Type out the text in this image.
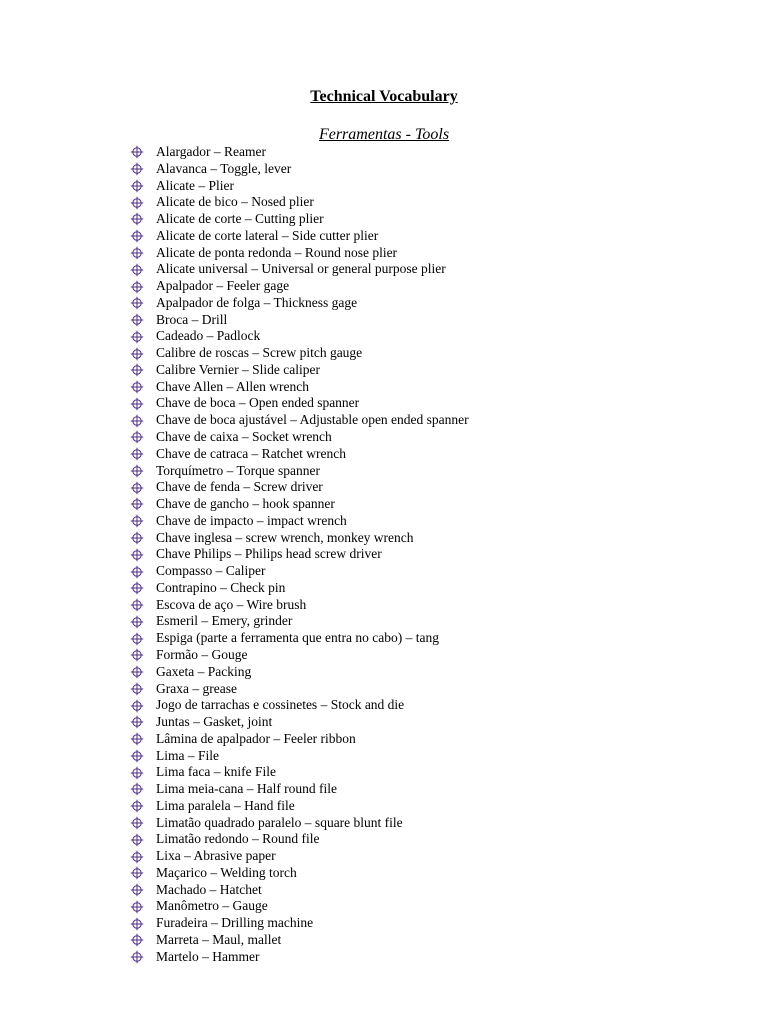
Technical Vocabulary
Ferramentas - Tools
Alargador – Reamer
Alavanca – Toggle, lever
Alicate – Plier
Alicate de bico – Nosed plier
Alicate de corte – Cutting plier
Alicate de corte lateral – Side cutter plier
Alicate de ponta redonda – Round nose plier
Alicate universal – Universal or general purpose plier
Apalpador – Feeler gage
Apalpador de folga – Thickness gage
Broca – Drill
Cadeado – Padlock
Calibre de roscas – Screw pitch gauge
Calibre Vernier – Slide caliper
Chave Allen – Allen wrench
Chave de boca – Open ended spanner
Chave de boca ajustável – Adjustable open ended spanner
Chave de caixa – Socket wrench
Chave de catraca – Ratchet wrench
Torquímetro – Torque spanner
Chave de fenda – Screw driver
Chave de gancho – hook spanner
Chave de impacto – impact wrench
Chave inglesa – screw wrench, monkey wrench
Chave Philips – Philips head screw driver
Compasso – Caliper
Contrapino – Check pin
Escova de aço – Wire brush
Esmeril – Emery, grinder
Espiga (parte a ferramenta que entra no cabo) – tang
Formão – Gouge
Gaxeta – Packing
Graxa – grease
Jogo de tarrachas e cossinetes – Stock and die
Juntas – Gasket, joint
Lâmina de apalpador – Feeler ribbon
Lima – File
Lima faca – knife File
Lima meia-cana – Half round file
Lima paralela – Hand file
Limatão quadrado paralelo – square blunt file
Limatão redondo – Round file
Lixa – Abrasive paper
Maçarico – Welding torch
Machado – Hatchet
Manômetro – Gauge
Furadeira – Drilling machine
Marreta – Maul, mallet
Martelo – Hammer
